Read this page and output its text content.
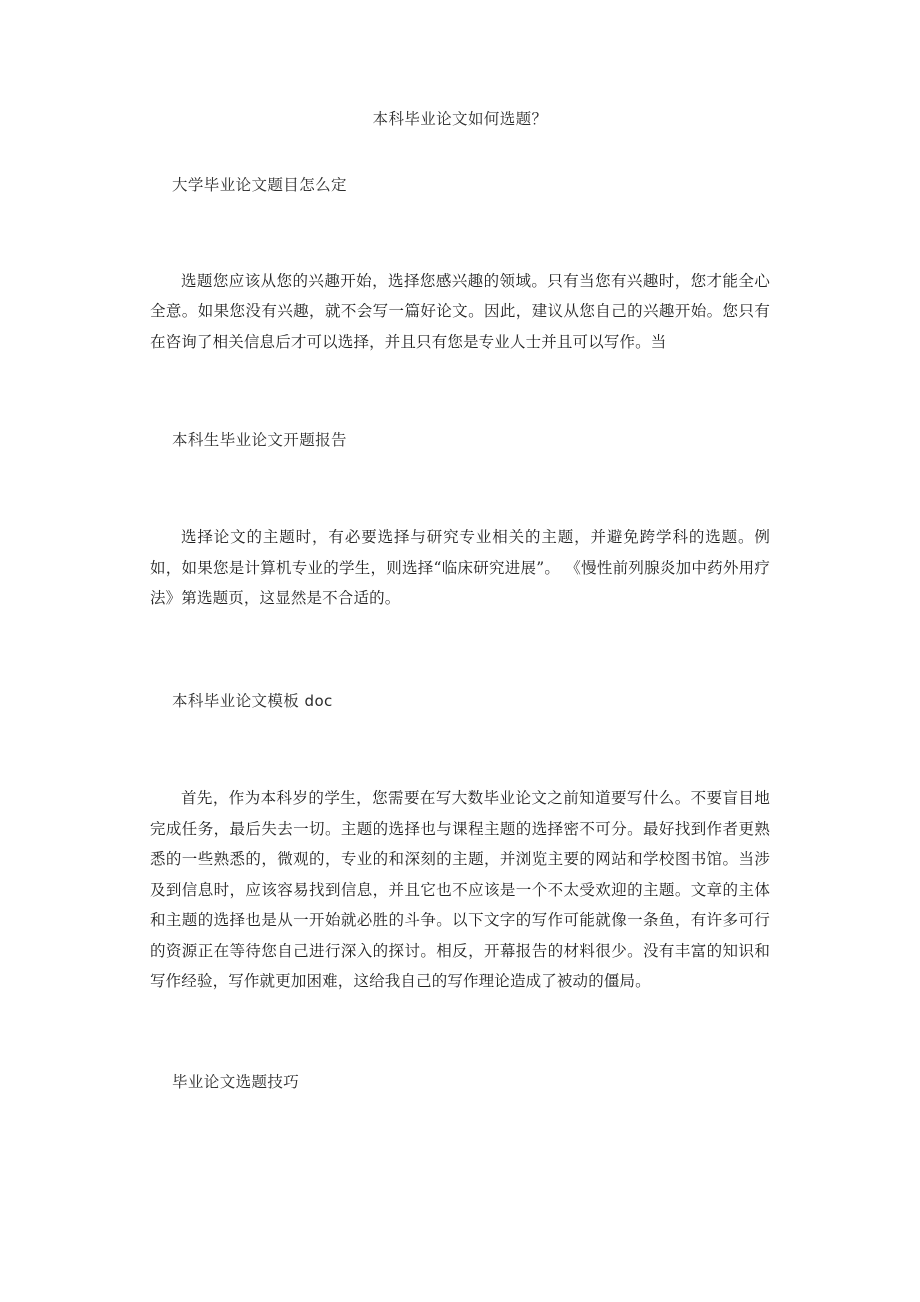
本科毕业论文如何选题？
大学毕业论文题目怎么定

选题您应该从您的兴趣开始，选择您感兴趣的领域。只有当您有兴趣时，您才能全心全意。如果您没有兴趣，就不会写一篇好论文。因此，建议从您自己的兴趣开始。您只有在咨询了相关信息后才可以选择，并且只有您是专业人士并且可以写作。当

本科生毕业论文开题报告

选择论文的主题时，有必要选择与研究专业相关的主题，并避免跨学科的选题。例如，如果您是计算机专业的学生，则选择“临床研究进展”。 《慢性前列腺炎加中药外用疗法》第选题页，这显然是不合适的。

本科毕业论文模板 doc

首先，作为本科岁的学生，您需要在写大数毕业论文之前知道要写什么。不要盲目地完成任务，最后失去一切。主题的选择也与课程主题的选择密不可分。最好找到作者更熟悉的一些熟悉的，微观的，专业的和深刻的主题，并浏览主要的网站和学校图书馆。当涉及到信息时，应该容易找到信息，并且它也不应该是一个不太受欢迎的主题。文章的主体和主题的选择也是从一开始就必胜的斗争。以下文字的写作可能就像一条鱼，有许多可行的资源正在等待您自己进行深入的探讨。相反，开幕报告的材料很少。没有丰富的知识和写作经验，写作就更加困难，这给我自己的写作理论造成了被动的僵局。

毕业论文选题技巧
